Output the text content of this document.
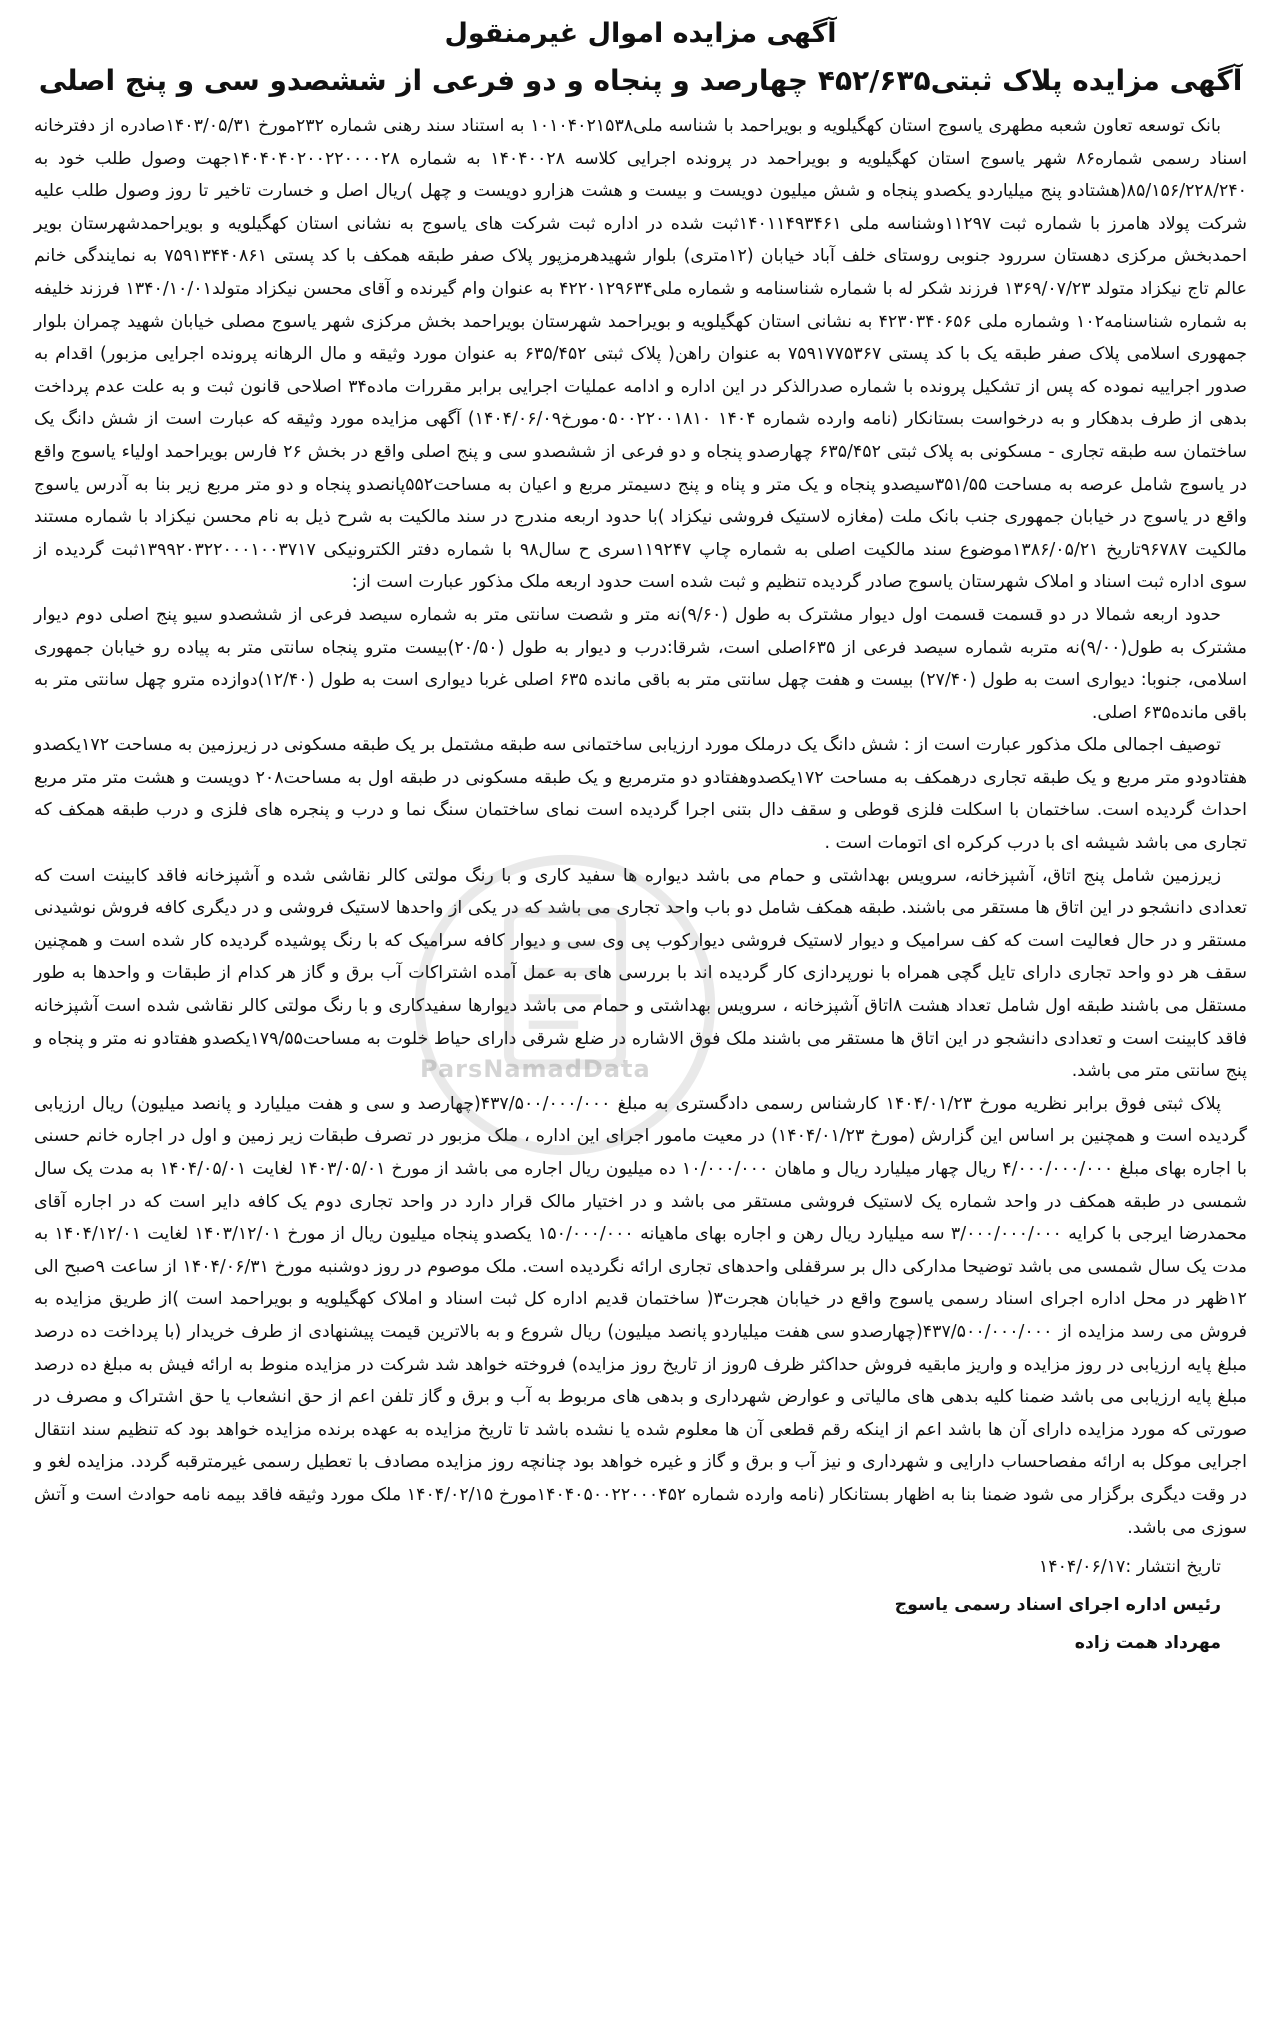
آگهی مزایده اموال غیرمنقول
آگهی مزایده پلاک ثبتی۴۵۲/۶۳۵ چهارصد و پنجاه و دو فرعی از ششصدو سی و پنج اصلی

بانک توسعه تعاون شعبه مطهری یاسوج استان کهگیلویه و بویراحمد با شناسه ملی۱۰۱۰۴۰۲۱۵۳۸ به استناد سند رهنی شماره ۲۳۲مورخ ۱۴۰۳/۰۵/۳۱صادره از دفترخانه اسناد رسمی شماره۸۶ شهر یاسوج استان کهگیلویه و بویراحمد در پرونده اجرایی کلاسه ۱۴۰۴۰۰۲۸ به شماره ۱۴۰۴۰۴۰۲۰۰۲۲۰۰۰۰۲۸جهت وصول طلب خود به ۸۵/۱۵۶/۲۲۸/۲۴۰(هشتادو پنج میلیاردو یکصدو پنجاه و شش میلیون دویست و بیست و هشت هزارو دویست و چهل )ریال اصل و خسارت تاخیر تا روز وصول طلب علیه شرکت پولاد هامرز با شماره ثبت ۱۱۲۹۷وشناسه ملی ۱۴۰۱۱۴۹۳۴۶۱ثبت شده در اداره ثبت شرکت های یاسوج به نشانی استان کهگیلویه و بویراحمدشهرستان بویر احمدبخش مرکزی دهستان سررود جنوبی روستای خلف آباد خیابان (۱۲متری) بلوار شهیدهرمزپور پلاک صفر طبقه همکف با کد پستی ۷۵۹۱۳۴۴۰۸۶۱ به نمایندگی خانم عالم تاج نیکزاد متولد ۱۳۶۹/۰۷/۲۳ فرزند شکر له با شماره شناسنامه و شماره ملی۴۲۲۰۱۲۹۶۳۴ به عنوان وام گیرنده و آقای محسن نیکزاد متولد۱۳۴۰/۱۰/۰۱ فرزند خلیفه به شماره شناسنامه۱۰۲ وشماره ملی ۴۲۳۰۳۴۰۶۵۶ به نشانی استان کهگیلویه و بویراحمد شهرستان بویراحمد بخش مرکزی شهر یاسوج مصلی خیابان شهید چمران بلوار جمهوری اسلامی پلاک صفر طبقه یک با کد پستی ۷۵۹۱۷۷۵۳۶۷ به عنوان راهن( پلاک ثبتی ۶۳۵/۴۵۲ به عنوان مورد وثیقه و مال الرهانه پرونده اجرایی مزبور) اقدام به صدور اجراییه نموده که پس از تشکیل پرونده با شماره صدرالذکر در این اداره و ادامه عملیات اجرایی برابر مقررات ماده۳۴ اصلاحی قانون ثبت و به علت عدم پرداخت بدهی از طرف بدهکار و به درخواست بستانکار (نامه وارده شماره ۱۴۰۴ ۰۵۰۰۲۲۰۰۱۸۱۰مورخ۱۴۰۴/۰۶/۰۹) آگهی مزایده مورد وثیقه که عبارت است از شش دانگ یک ساختمان سه طبقه تجاری - مسکونی به پلاک ثبتی ۶۳۵/۴۵۲ چهارصدو پنجاه و دو فرعی از ششصدو سی و پنج اصلی واقع در بخش ۲۶ فارس بویراحمد اولیاء یاسوج واقع در یاسوج شامل عرصه به مساحت ۳۵۱/۵۵سیصدو پنجاه و یک متر و پناه و پنج دسیمتر مربع و اعیان به مساحت۵۵۲پانصدو پنجاه و دو متر مربع زیر بنا به آدرس یاسوج واقع در یاسوج در خیابان جمهوری جنب بانک ملت (مغازه لاستیک فروشی نیکزاد )با حدود اربعه مندرج در سند مالکیت به شرح ذیل به نام محسن نیکزاد با شماره مستند مالکیت ۹۶۷۸۷تاریخ ۱۳۸۶/۰۵/۲۱موضوع سند مالکیت اصلی به شماره چاپ ۱۱۹۲۴۷سری ح سال۹۸ با شماره دفتر الکترونیکی ۱۳۹۹۲۰۳۲۲۰۰۰۱۰۰۳۷۱۷ثبت گردیده از سوی اداره ثبت اسناد و املاک شهرستان یاسوج صادر گردیده تنظیم و ثبت شده است حدود اربعه ملک مذکور عبارت است از:

حدود اربعه شمالا در دو قسمت قسمت اول دیوار مشترک به طول (۹/۶۰)نه متر و شصت سانتی متر به شماره سیصد فرعی از ششصدو سیو پنج اصلی دوم دیوار مشترک به طول(۹/۰۰)نه متربه شماره سیصد فرعی از ۶۳۵اصلی است، شرقا:درب و دیوار به طول (۲۰/۵۰)بیست مترو پنجاه سانتی متر به پیاده رو خیابان جمهوری اسلامی، جنوبا: دیواری است به طول (۲۷/۴۰) بیست و هفت چهل سانتی متر به باقی مانده ۶۳۵ اصلی غربا دیواری است به طول (۱۲/۴۰)دوازده مترو چهل سانتی متر به باقی مانده۶۳۵ اصلی.

توصیف اجمالی ملک مذکور عبارت است از : شش دانگ یک درملک مورد ارزیابی ساختمانی سه طبقه مشتمل بر یک طبقه مسکونی در زیرزمین به مساحت ۱۷۲یکصدو هفتادودو متر مربع و یک طبقه تجاری درهمکف به مساحت ۱۷۲یکصدوهفتادو دو مترمربع و یک طبقه مسکونی در طبقه اول به مساحت۲۰۸ دویست و هشت متر متر مربع احداث گردیده است. ساختمان با اسکلت فلزی قوطی و سقف دال بتنی اجرا گردیده است نمای ساختمان سنگ نما و درب و پنجره های فلزی و درب طبقه همکف که تجاری می باشد شیشه ای با درب کرکره ای اتومات است .

زیرزمین شامل پنج اتاق، آشپزخانه، سرویس بهداشتی و حمام می باشد دیواره ها سفید کاری و با رنگ مولتی کالر نقاشی شده و آشپزخانه فاقد کابینت است که تعدادی دانشجو در این اتاق ها مستقر می باشند. طبقه همکف شامل دو باب واحد تجاری می باشد که در یکی از واحدها لاستیک فروشی و در دیگری کافه فروش نوشیدنی مستقر و در حال فعالیت است که کف سرامیک و دیوار لاستیک فروشی دیوارکوب پی وی سی و دیوار کافه سرامیک که با رنگ پوشیده گردیده کار شده است و همچنین سقف هر دو واحد تجاری دارای تایل گچی همراه با نورپردازی کار گردیده اند با بررسی های به عمل آمده اشتراکات آب برق و گاز هر کدام از طبقات و واحدها به طور مستقل می باشند طبقه اول شامل تعداد هشت ۸اتاق آشپزخانه ، سرویس بهداشتی و حمام می باشد دیوارها سفیدکاری و با رنگ مولتی کالر نقاشی شده است آشپزخانه فاقد کابینت است و تعدادی دانشجو در این اتاق ها مستقر می باشند ملک فوق الاشاره در ضلع شرقی دارای حیاط خلوت به مساحت۱۷۹/۵۵یکصدو هفتادو نه متر و پنجاه و پنج سانتی متر می باشد.

پلاک ثبتی فوق برابر نظریه مورخ ۱۴۰۴/۰۱/۲۳ کارشناس رسمی دادگستری به مبلغ ۴۳۷/۵۰۰/۰۰۰/۰۰۰(چهارصد و سی و هفت میلیارد و پانصد میلیون) ریال ارزیابی گردیده است و همچنین بر اساس این گزارش (مورخ ۱۴۰۴/۰۱/۲۳) در معیت مامور اجرای این اداره ، ملک مزبور در تصرف طبقات زیر زمین و اول در اجاره خانم حسنی با اجاره بهای مبلغ ۴/۰۰۰/۰۰۰/۰۰۰ ریال چهار میلیارد ریال و ماهان ۱۰/۰۰۰/۰۰۰ ده میلیون ریال اجاره می باشد از مورخ ۱۴۰۳/۰۵/۰۱ لغایت ۱۴۰۴/۰۵/۰۱ به مدت یک سال شمسی در طبقه همکف در واحد شماره یک لاستیک فروشی مستقر می باشد و در اختیار مالک قرار دارد در واحد تجاری دوم یک کافه دایر است که در اجاره آقای محمدرضا ایرجی با کرایه ۳/۰۰۰/۰۰۰/۰۰۰ سه میلیارد ریال رهن و اجاره بهای ماهیانه ۱۵۰/۰۰۰/۰۰۰ یکصدو پنجاه میلیون ریال از مورخ ۱۴۰۳/۱۲/۰۱ لغایت ۱۴۰۴/۱۲/۰۱ به مدت یک سال شمسی می باشد توضیحا مدارکی دال بر سرقفلی واحدهای تجاری ارائه نگردیده است. ملک موصوم در روز دوشنبه مورخ ۱۴۰۴/۰۶/۳۱ از ساعت ۹صبح الی ۱۲ظهر در محل اداره اجرای اسناد رسمی یاسوج واقع در خیابان هجرت۳( ساختمان قدیم اداره کل ثبت اسناد و املاک کهگیلویه و بویراحمد است )از طریق مزایده به فروش می رسد مزایده از ۴۳۷/۵۰۰/۰۰۰/۰۰۰(چهارصدو سی هفت میلیاردو پانصد میلیون) ریال شروع و به بالاترین قیمت پیشنهادی از طرف خریدار (با پرداخت ده درصد مبلغ پایه ارزیابی در روز مزایده و واریز مابقیه فروش حداکثر ظرف ۵روز از تاریخ روز مزایده) فروخته خواهد شد شرکت در مزایده منوط به ارائه فیش به مبلغ ده درصد مبلغ پایه ارزیابی می باشد ضمنا کلیه بدهی های مالیاتی و عوارض شهرداری و بدهی های مربوط به آب و برق و گاز تلفن اعم از حق انشعاب یا حق اشتراک و مصرف در صورتی که مورد مزایده دارای آن ها باشد اعم از اینکه رقم قطعی آن ها معلوم شده یا نشده باشد تا تاریخ مزایده به عهده برنده مزایده خواهد بود که تنظیم سند انتقال اجرایی موکل به ارائه مفصاحساب دارایی و شهرداری و نیز آب و برق و گاز و غیره خواهد بود چنانچه روز مزایده مصادف با تعطیل رسمی غیرمترقبه گردد. مزایده لغو و در وقت دیگری برگزار می شود ضمنا بنا به اظهار بستانکار (نامه وارده شماره ۱۴۰۴۰۵۰۰۲۲۰۰۰۴۵۲مورخ ۱۴۰۴/۰۲/۱۵ ملک مورد وثیقه فاقد بیمه نامه حوادث است و آتش سوزی می باشد.

تاریخ انتشار :۱۴۰۴/۰۶/۱۷

رئیس اداره اجرای اسناد رسمی یاسوج

مهرداد همت زاده

ParsNamadData
